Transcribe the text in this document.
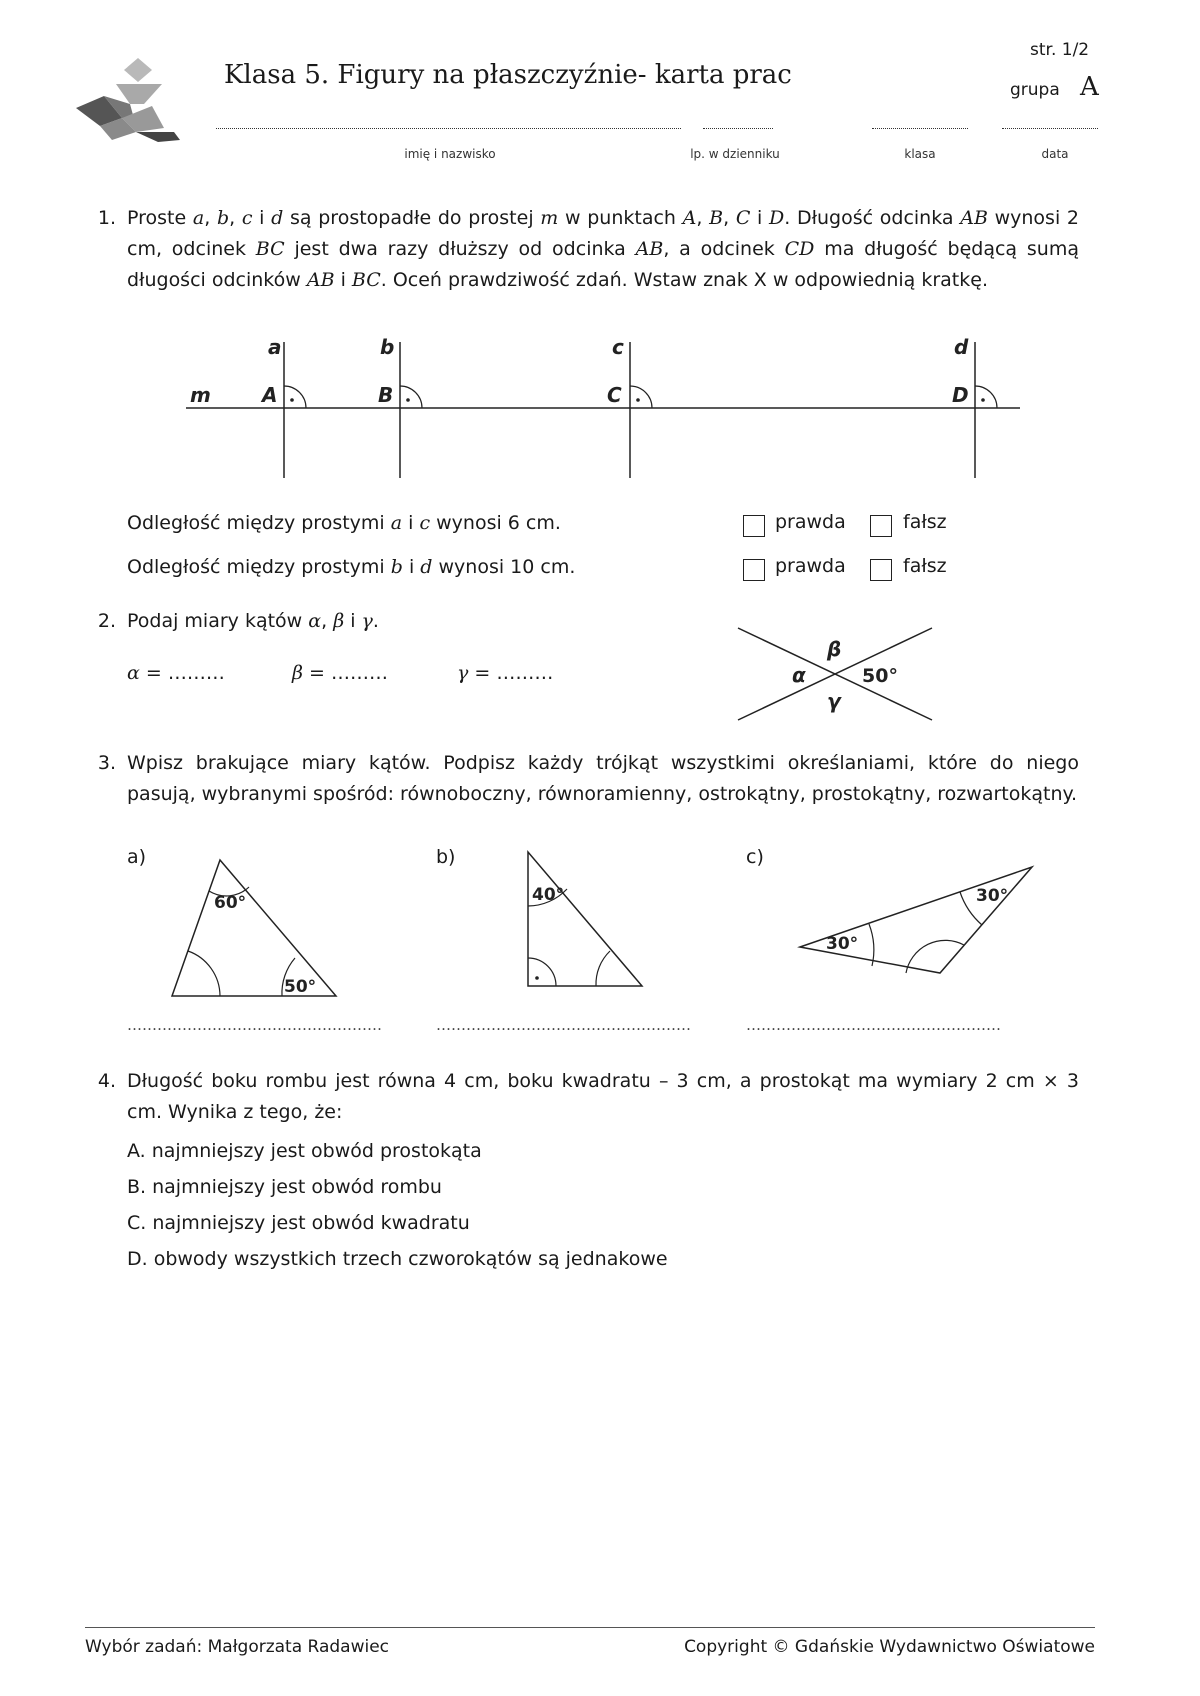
Klasa 5. Figury na płaszczyźnie- karta prac
str. 1/2
grupa A
imię i nazwisko	lp. w dzienniku	klasa	data
1. Proste a, b, c i d są prostopadłe do prostej m w punktach A, B, C i D. Długość odcinka AB wynosi 2 cm, odcinek BC jest dwa razy dłuższy od odcinka AB, a odcinek CD ma długość będącą sumą długości odcinków AB i BC. Oceń prawdziwość zdań. Wstaw znak X w odpowiednią kratkę.
a	b	c	d
m	A	B	C	D
Odległość między prostymi a i c wynosi 6 cm.	prawda	fałsz
Odległość między prostymi b i d wynosi 10 cm.	prawda	fałsz
2. Podaj miary kątów α, β i γ.
α = ………	β = ………	γ = ………
β
α	50°
γ
3. Wpisz brakujące miary kątów. Podpisz każdy trójkąt wszystkimi określaniami, które do niego pasują, wybranymi spośród: równoboczny, równoramienny, ostrokątny, prostokątny, rozwartokątny.
a)	b)	c)
60°
50°
40°	30°
30°
……………………………………………	……………………………………………	……………………………………………
4. Długość boku rombu jest równa 4 cm, boku kwadratu – 3 cm, a prostokąt ma wymiary 2 cm × 3 cm. Wynika z tego, że:
A. najmniejszy jest obwód prostokąta
B. najmniejszy jest obwód rombu
C. najmniejszy jest obwód kwadratu
D. obwody wszystkich trzech czworokątów są jednakowe
Wybór zadań: Małgorzata Radawiec	Copyright © Gdańskie Wydawnictwo Oświatowe
